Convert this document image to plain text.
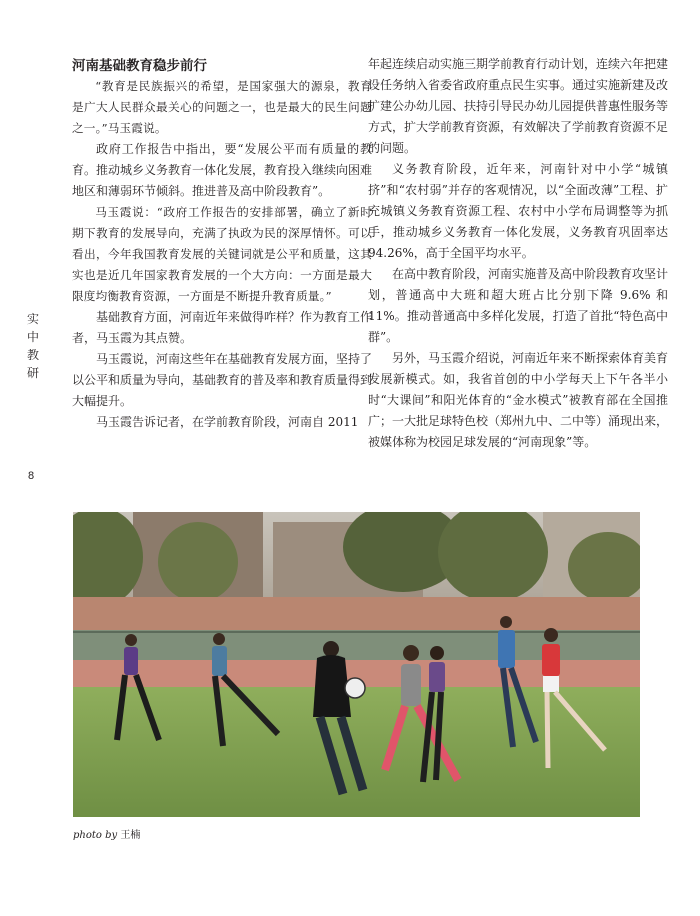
河南基础教育稳步前行

“教育是民族振兴的希望，是国家强大的源泉，教育是广大人民群众最关心的问题之一，也是最大的民生问题之一。”马玉霞说。

政府工作报告中指出，要“发展公平而有质量的教育。推动城乡义务教育一体化发展，教育投入继续向困难地区和薄弱环节倾斜。推进普及高中阶段教育”。

马玉霞说：“政府工作报告的安排部署，确立了新时期下教育的发展导向，充满了执政为民的深厚情怀。可以看出，今年我国教育发展的关键词就是公平和质量，这其实也是近几年国家教育发展的一个大方向：一方面是最大限度均衡教育资源，一方面是不断提升教育质量。”

基础教育方面，河南近年来做得咋样？作为教育工作者，马玉霞为其点赞。

马玉霞说，河南这些年在基础教育发展方面，坚持了以公平和质量为导向，基础教育的普及率和教育质量得到大幅提升。

马玉霞告诉记者，在学前教育阶段，河南自 2011

年起连续启动实施三期学前教育行动计划，连续六年把建设任务纳入省委省政府重点民生实事。通过实施新建及改扩建公办幼儿园、扶持引导民办幼儿园提供普惠性服务等方式，扩大学前教育资源，有效解决了学前教育资源不足的问题。

义务教育阶段，近年来，河南针对中小学“城镇挤”和“农村弱”并存的客观情况，以“全面改薄”工程、扩充城镇义务教育资源工程、农村中小学布局调整等为抓手，推动城乡义务教育一体化发展，义务教育巩固率达 94.26%，高于全国平均水平。

在高中教育阶段，河南实施普及高中阶段教育攻坚计划，普通高中大班和超大班占比分别下降 9.6% 和 11%。推动普通高中多样化发展，打造了首批“特色高中群”。

另外，马玉霞介绍说，河南近年来不断探索体育美育发展新模式。如，我省首创的中小学每天上下午各半小时“大课间”和阳光体育的“金水模式”被教育部在全国推广；一大批足球特色校（郑州九中、二中等）涌现出来，被媒体称为校园足球发展的“河南现象”等。

实
中
教
研
8
photo by 王楠
